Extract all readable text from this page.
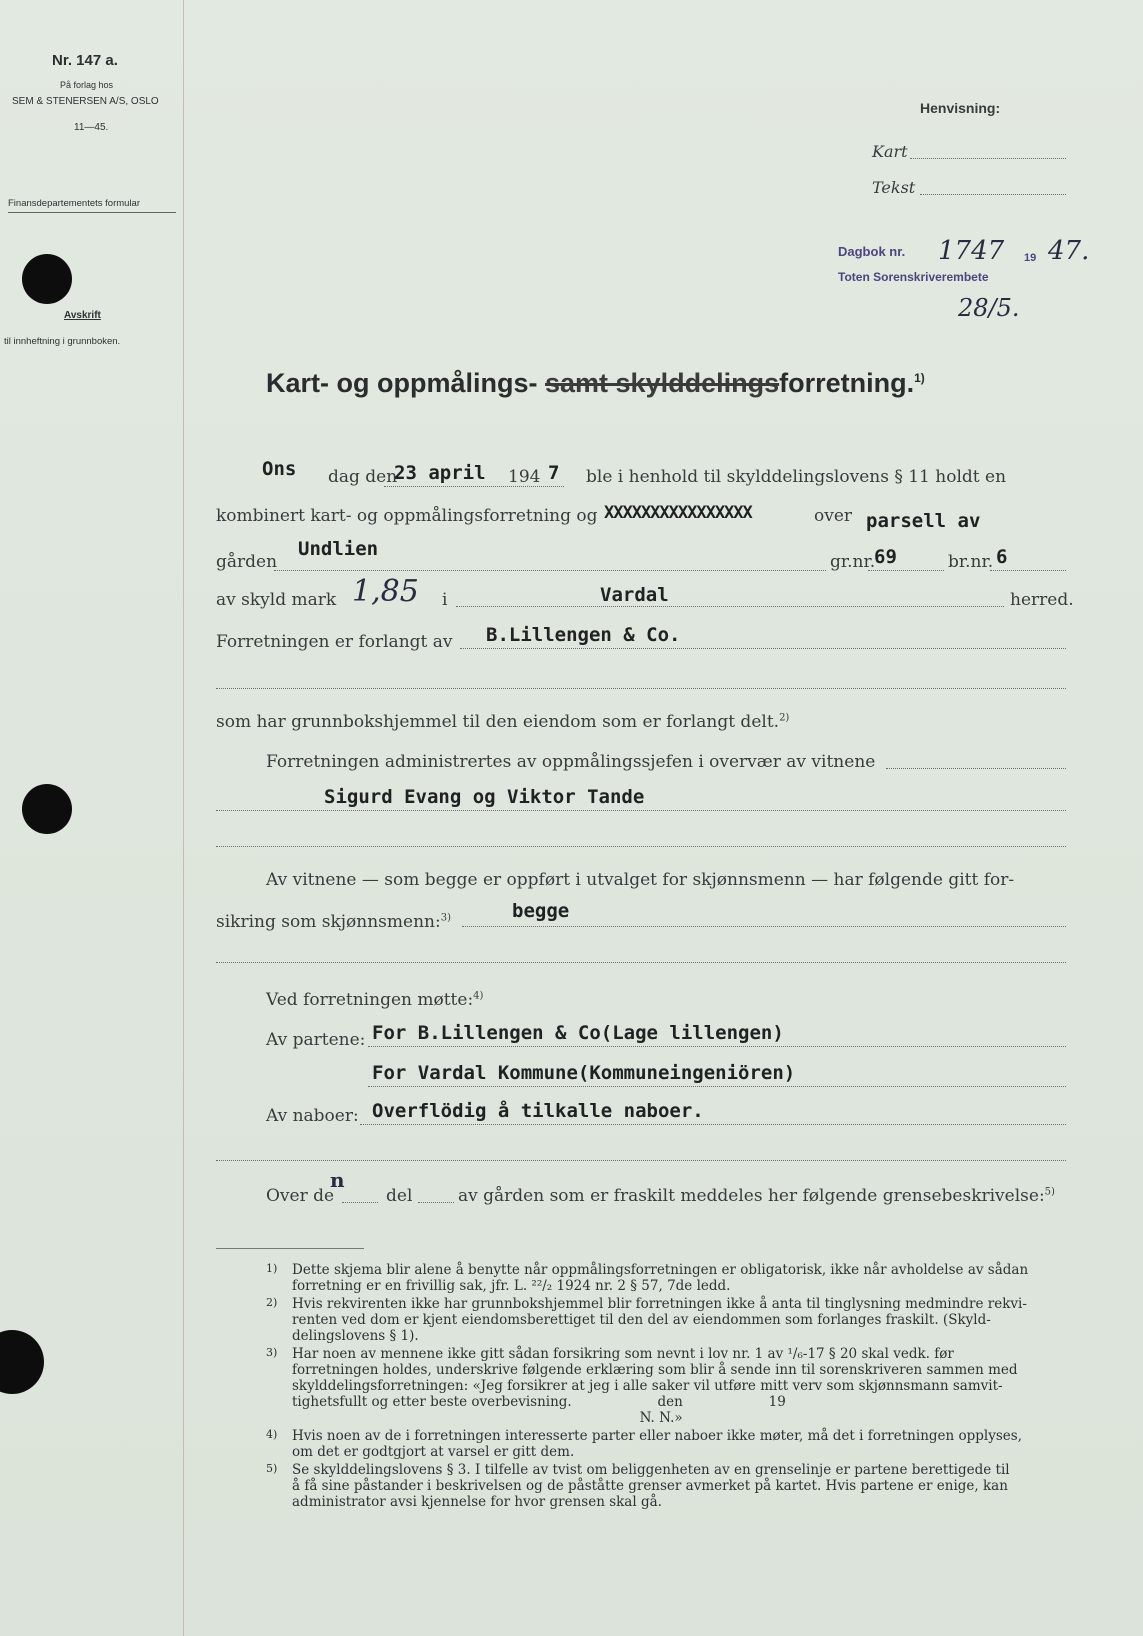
Nr. 147 a.
På forlag hos
SEM & STENERSEN A/S, OSLO
11—45.
Finansdepartementets formular
Avskrift
til innheftning i grunnboken.
Henvisning:
Kart
Tekst
Dagbok nr. 1747 19 47.
Toten Sorenskriverembete
28/5.
Kart- og oppmålings- samt skylddelingsforretning.$^{1)}$
Ons dag den
23 april 194 7 ble i henhold til skylddelingslovens § 11 holdt en
kombinert kart- og oppmålingsforretning og XXXXXXXXXXXXXXXX	over parsell av
gården
Undlien
gr.nr.
69	br.nr. 6
av skyld mark 1,85 i	Vardal	herred.
Forretningen er forlangt av B.Lillengen & Co.
som har grunnbokshjemmel til den eiendom som er forlangt delt.$^{2)}$
Forretningen administrertes av oppmålingssjefen i overvær av vitnene
Sigurd Evang og Viktor Tande
Av vitnene — som begge er oppført i utvalget for skjønnsmenn — har følgende gitt for-
sikring som skjønnsmenn:$^{3)}$	begge
Ved forretningen møtte:$^{4)}$
Av partene: For B.Lillengen & Co(Lage lillengen)
For Vardal Kommune(Kommuneingeniören)
Av naboer: Overflödig å tilkalle naboer.
Over de
n
del	av gården som er fraskilt meddeles her følgende grensebeskrivelse:$^{5)}$
1) Dette skjema blir alene å benytte når oppmålingsforretningen er obligatorisk, ikke når avholdelse av sådan
forretning er en frivillig sak, jfr. L. ²²/₂ 1924 nr. 2 § 57, 7de ledd.
2) Hvis rekvirenten ikke har grunnbokshjemmel blir forretningen ikke å anta til tinglysning medmindre rekvi-
renten ved dom er kjent eiendomsberettiget til den del av eiendommen som forlanges fraskilt. (Skyld-
delingslovens § 1).
3) Har noen av mennene ikke gitt sådan forsikring som nevnt i lov nr. 1 av ¹/₆-17 § 20 skal vedk. før
forretningen holdes, underskrive følgende erklæring som blir å sende inn til sorenskriveren sammen med
skylddelingsforretningen: «Jeg forsikrer at jeg i alle saker vil utføre mitt verv som skjønnsmann samvit-
tighetsfullt og etter beste overbevisning.                    den                    19
N. N.»
4) Hvis noen av de i forretningen interesserte parter eller naboer ikke møter, må det i forretningen opplyses,
om det er godtgjort at varsel er gitt dem.
5) Se skylddelingslovens § 3. I tilfelle av tvist om beliggenheten av en grenselinje er partene berettigede til
å få sine påstander i beskrivelsen og de påståtte grenser avmerket på kartet. Hvis partene er enige, kan
administrator avsi kjennelse for hvor grensen skal gå.
